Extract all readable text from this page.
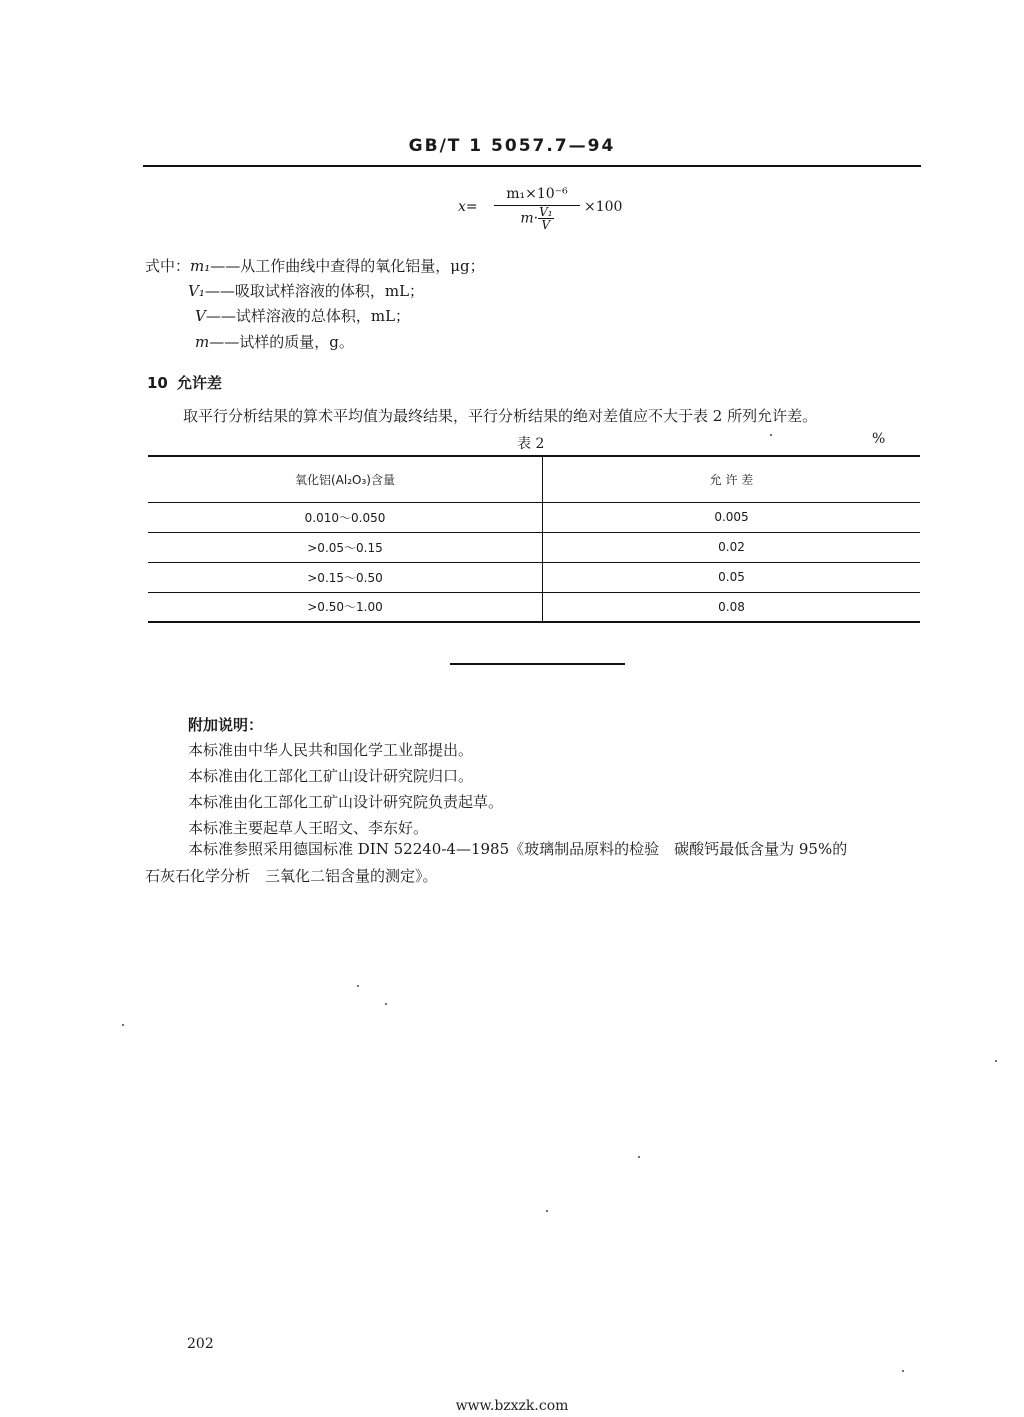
GB/T 1 5057.7—94
x=
m₁×10⁻⁶
$m\cdot \frac{\text{V₁}}{V} \times 100$
式中：m₁——从工作曲线中查得的氧化铝量，μg；
V₁——吸取试样溶液的体积，mL；
V——试样溶液的总体积，mL；
m——试样的质量，g。
10 允许差
取平行分析结果的算术平均值为最终结果，平行分析结果的绝对差值应不大于表 2 所列允许差。
表 2	%
氧化铝(Al₂O₃)含量	允 许 差
0.010～0.050	0.005
>0.05～0.15	0.02
>0.15～0.50	0.05
>0.50～1.00	0.08
附加说明：
本标准由中华人民共和国化学工业部提出。
本标准由化工部化工矿山设计研究院归口。
本标准由化工部化工矿山设计研究院负责起草。
本标准主要起草人王昭文、李东好。
本标准参照采用德国标准 DIN 52240-4—1985《玻璃制品原料的检验　碳酸钙最低含量为 95%的
石灰石化学分析　三氧化二铝含量的测定》。
202
www.bzxzk.com
